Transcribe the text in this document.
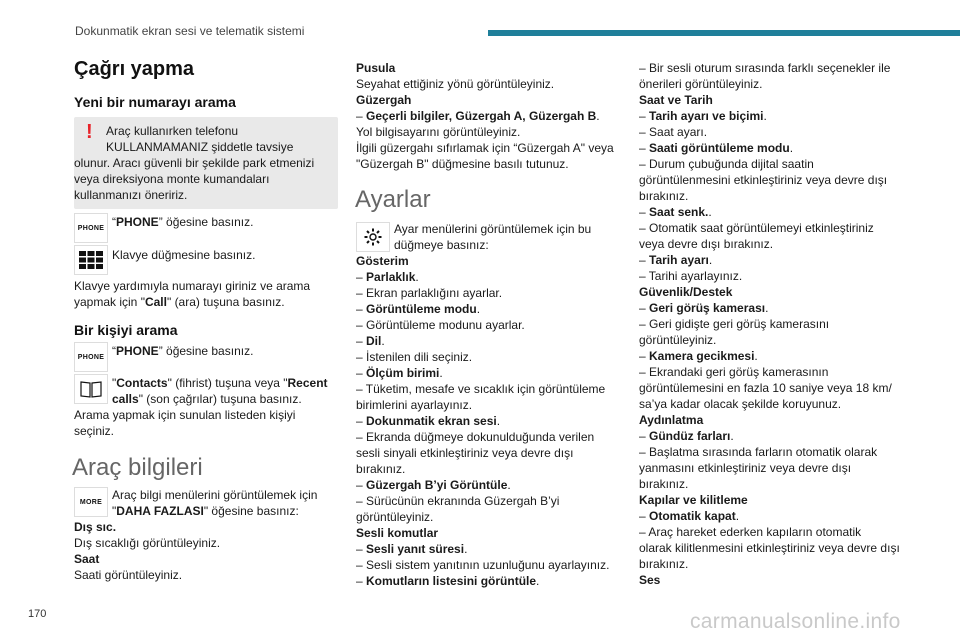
Dokunmatik ekran sesi ve telematik sistemi
Çağrı yapma
Yeni bir numarayı arama
! Araç kullanırken telefonu
KULLANMAMANIZ şiddetle tavsiye
olunur. Aracı güvenli bir şekilde park etmenizi
veya direksiyona monte kumandaları
kullanmanızı öneririz.
PHONE “PHONE” öğesine basınız.
Klavye düğmesine basınız.
Klavye yardımıyla numarayı giriniz ve arama
yapmak için "Call" (ara) tuşuna basınız.
Bir kişiyi arama
PHONE “PHONE” öğesine basınız.
"Contacts" (fihrist) tuşuna veya "Recent
calls" (son çağrılar) tuşuna basınız.
Arama yapmak için sunulan listeden kişiyi
seçiniz.
Araç bilgileri
MORE Araç bilgi menülerini görüntülemek için
"DAHA FAZLASI" öğesine basınız:
Dış sıc.
Dış sıcaklığı görüntüleyiniz.
Saat
Saati görüntüleyiniz.
Pusula
Seyahat ettiğiniz yönü görüntüleyiniz.
Güzergah
– Geçerli bilgiler, Güzergah A, Güzergah B.
Yol bilgisayarını görüntüleyiniz.
İlgili güzergahı sıfırlamak için “Güzergah A" veya
"Güzergah B" düğmesine basılı tutunuz.
Ayarlar
Ayar menülerini görüntülemek için bu
düğmeye basınız:
Gösterim
– Parlaklık.
– Ekran parlaklığını ayarlar.
– Görüntüleme modu.
– Görüntüleme modunu ayarlar.
– Dil.
– İstenilen dili seçiniz.
– Ölçüm birimi.
– Tüketim, mesafe ve sıcaklık için görüntüleme
birimlerini ayarlayınız.
– Dokunmatik ekran sesi.
– Ekranda düğmeye dokunulduğunda verilen
sesli sinyali etkinleştiriniz veya devre dışı
bırakınız.
– Güzergah B’yi Görüntüle.
– Sürücünün ekranında Güzergah B’yi
görüntüleyiniz.
Sesli komutlar
– Sesli yanıt süresi.
– Sesli sistem yanıtının uzunluğunu ayarlayınız.
– Komutların listesini görüntüle.
– Bir sesli oturum sırasında farklı seçenekler ile
önerileri görüntüleyiniz.
Saat ve Tarih
– Tarih ayarı ve biçimi.
– Saat ayarı.
– Saati görüntüleme modu.
– Durum çubuğunda dijital saatin
görüntülenmesini etkinleştiriniz veya devre dışı
bırakınız.
– Saat senk..
– Otomatik saat görüntülemeyi etkinleştiriniz
veya devre dışı bırakınız.
– Tarih ayarı.
– Tarihi ayarlayınız.
Güvenlik/Destek
– Geri görüş kamerası.
– Geri gidişte geri görüş kamerasını
görüntüleyiniz.
– Kamera gecikmesi.
– Ekrandaki geri görüş kamerasının
görüntülemesini en fazla 10 saniye veya 18 km/
sa’ya kadar olacak şekilde koruyunuz.
Aydınlatma
– Gündüz farları.
– Başlatma sırasında farların otomatik olarak
yanmasını etkinleştiriniz veya devre dışı
bırakınız.
Kapılar ve kilitleme
– Otomatik kapat.
– Araç hareket ederken kapıların otomatik
olarak kilitlenmesini etkinleştiriniz veya devre dışı
bırakınız.
Ses
170	carmanualsonline.info
